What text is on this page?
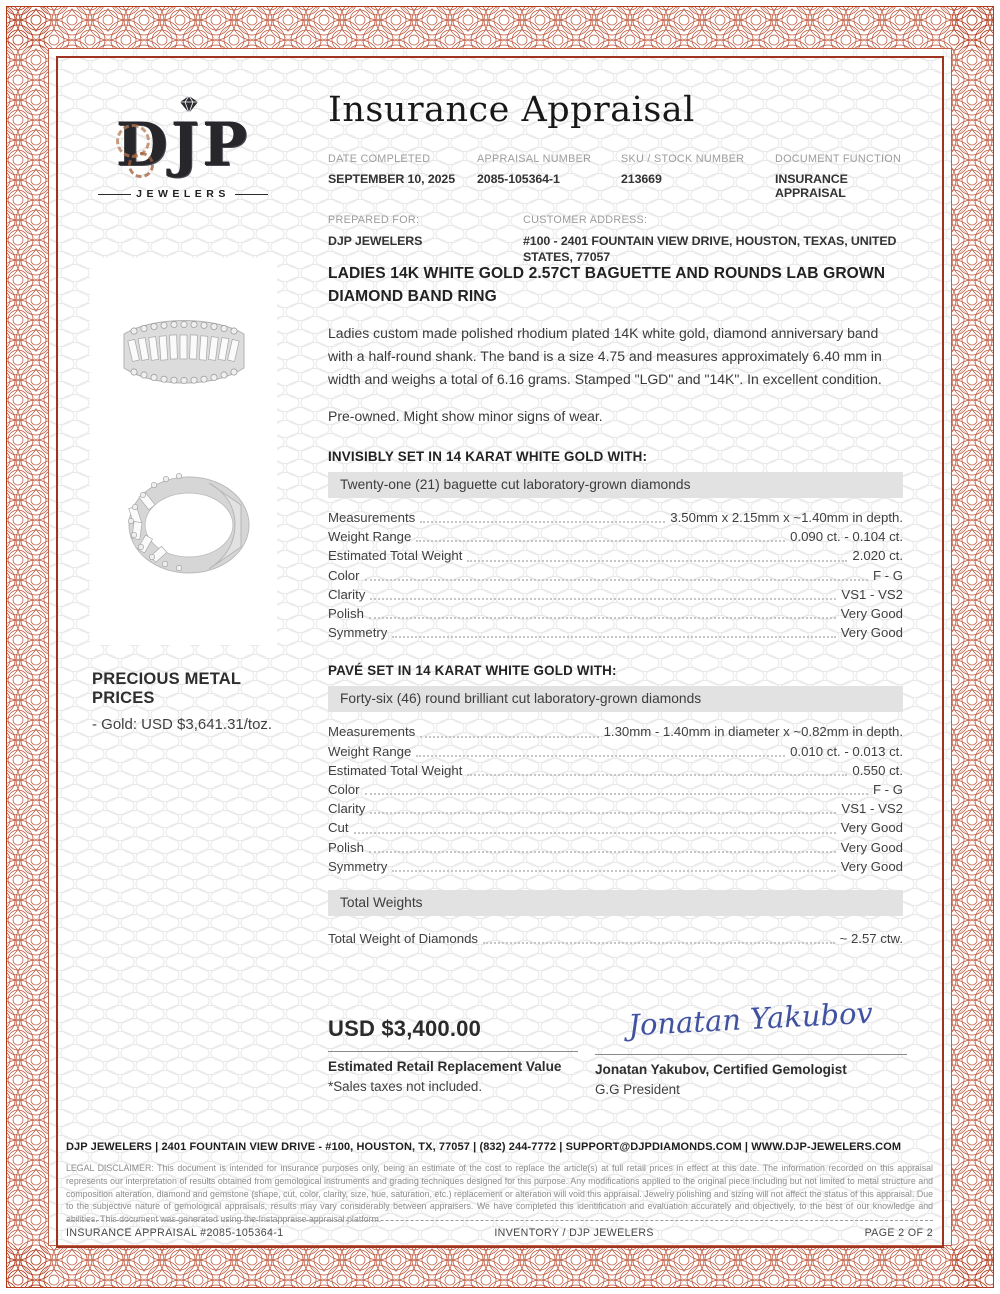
DJP
JEWELERS
Insurance Appraisal
DATE COMPLETED
SEPTEMBER 10, 2025
APPRAISAL NUMBER
2085-105364-1
SKU / STOCK NUMBER
213669
DOCUMENT FUNCTION
INSURANCE APPRAISAL
PREPARED FOR:
DJP JEWELERS
CUSTOMER ADDRESS:
#100 - 2401 FOUNTAIN VIEW DRIVE, HOUSTON, TEXAS, UNITED STATES, 77057
PRECIOUS METAL PRICES
- Gold: USD $3,641.31/toz.
LADIES 14K WHITE GOLD 2.57CT BAGUETTE AND ROUNDS LAB GROWN DIAMOND BAND RING
Ladies custom made polished rhodium plated 14K white gold, diamond anniversary band with a half-round shank. The band is a size 4.75 and measures approximately 6.40 mm in width and weighs a total of 6.16 grams. Stamped "LGD" and "14K". In excellent condition.
Pre-owned. Might show minor signs of wear.
INVISIBLY SET IN 14 KARAT WHITE GOLD WITH:
Twenty-one (21) baguette cut laboratory-grown diamonds
Measurements	3.50mm x 2.15mm x ~1.40mm in depth.
Weight Range	0.090 ct. - 0.104 ct.
Estimated Total Weight	2.020 ct.
Color	F - G
Clarity	VS1 - VS2
Polish	Very Good
Symmetry	Very Good
PAVÉ SET IN 14 KARAT WHITE GOLD WITH:
Forty-six (46) round brilliant cut laboratory-grown diamonds
Measurements	1.30mm - 1.40mm in diameter x ~0.82mm in depth.
Weight Range	0.010 ct. - 0.013 ct.
Estimated Total Weight	0.550 ct.
Color	F - G
Clarity	VS1 - VS2
Cut	Very Good
Polish	Very Good
Symmetry	Very Good
Total Weights
Total Weight of Diamonds	~ 2.57 ctw.
USD $3,400.00
Estimated Retail Replacement Value
*Sales taxes not included.
Jonatan Yakubov
Jonatan Yakubov, Certified Gemologist
G.G President
DJP JEWELERS | 2401 FOUNTAIN VIEW DRIVE - #100, HOUSTON, TX, 77057 | (832) 244-7772 | SUPPORT@DJPDIAMONDS.COM | WWW.DJP-JEWELERS.COM
LEGAL DISCLAIMER: This document is intended for insurance purposes only, being an estimate of the cost to replace the article(s) at full retail prices in effect at this date. The information recorded on this appraisal represents our interpretation of results obtained from gemological instruments and grading techniques designed for this purpose. Any modifications applied to the original piece including but not limited to metal structure and composition alteration, diamond and gemstone (shape, cut, color, clarity, size, hue, saturation, etc.) replacement or alteration will void this appraisal. Jewelry polishing and sizing will not affect the status of this appraisal. Due to the subjective nature of gemological appraisals, results may vary considerably between appraisers. We have completed this identification and evaluation accurately and objectively, to the best of our knowledge and abilities. This document was generated using the Instappraise appraisal platform.
INSURANCE APPRAISAL #2085-105364-1	INVENTORY / DJP JEWELERS	PAGE 2 OF 2
